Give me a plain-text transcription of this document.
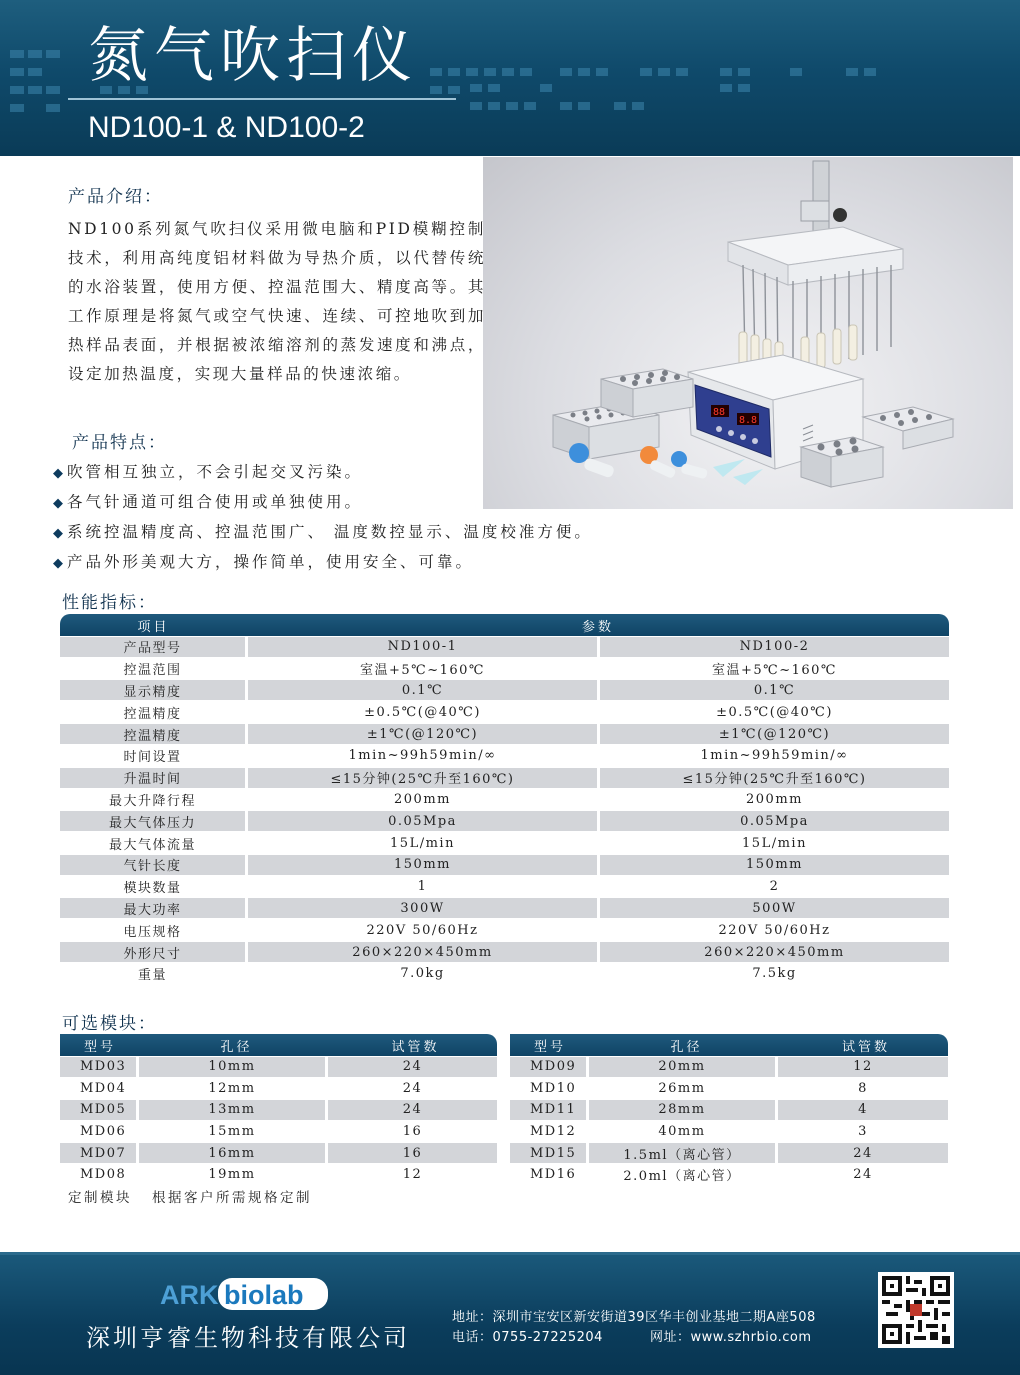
氮气吹扫仪
ND100-1 & ND100-2
88
8.8
产品介绍：

ND100系列氮气吹扫仪采用微电脑和PID模糊控制技术，利用高纯度铝材料做为导热介质，以代替传统的水浴装置，使用方便、控温范围大、精度高等。其工作原理是将氮气或空气快速、连续、可控地吹到加热样品表面，并根据被浓缩溶剂的蒸发速度和沸点，设定加热温度，实现大量样品的快速浓缩。

产品特点：
◆ 吹管相互独立，不会引起交叉污染。
◆ 各气针通道可组合使用或单独使用。
◆ 系统控温精度高、控温范围广、 温度数控显示、温度校准方便。
◆ 产品外形美观大方，操作简单，使用安全、可靠。
性能指标：
项目	参数
产品型号	ND100-1	ND100-2
控温范围	室温+5℃~160℃	室温+5℃~160℃
显示精度	0.1℃	0.1℃
控温精度	±0.5℃(@40℃)	±0.5℃(@40℃)
控温精度	±1℃(@120℃)	±1℃(@120℃)
时间设置	1min~99h59min/∞	1min~99h59min/∞
升温时间	≤15分钟(25℃升至160℃)	≤15分钟(25℃升至160℃)
最大升降行程	200mm	200mm
最大气体压力	0.05Mpa	0.05Mpa
最大气体流量	15L/min	15L/min
气针长度	150mm	150mm
模块数量	1	2
最大功率	300W	500W
电压规格	220V 50/60Hz	220V 50/60Hz
外形尺寸	260×220×450mm	260×220×450mm
重量	7.0kg	7.5kg
可选模块：
型号	孔径	试管数
MD03	10mm	24
MD04	12mm	24
MD05	13mm	24
MD06	15mm	16
MD07	16mm	16
MD08	19mm	12
型号	孔径	试管数
MD09	20mm	12
MD10	26mm	8
MD11	28mm	4
MD12	40mm	3
MD15	1.5ml（离心管）	24
MD16	2.0ml（离心管）	24
定制模块 根据客户所需规格定制
ARK biolab
深圳亨睿生物科技有限公司
地址：深圳市宝安区新安街道39区华丰创业基地二期A座508
电话：0755-27225204	网址：www.szhrbio.com
